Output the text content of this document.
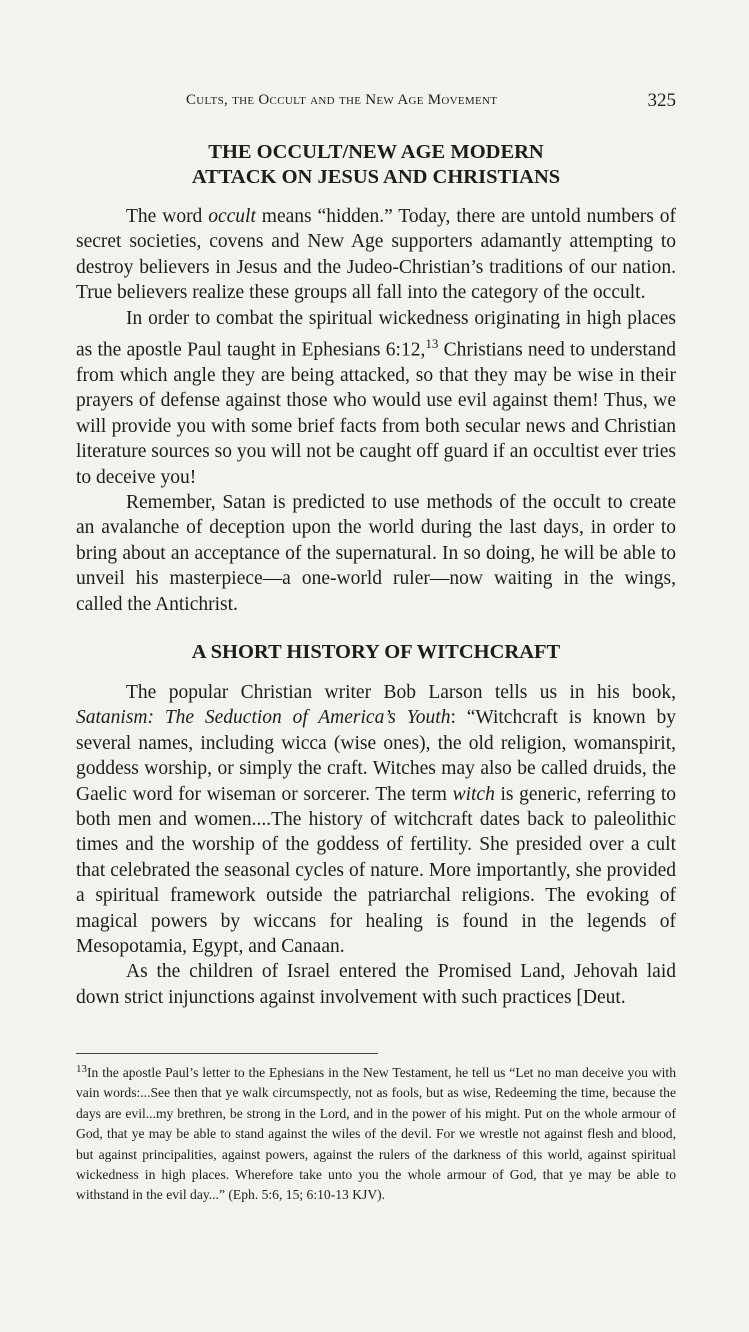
Cults, the Occult and the New Age Movement	325
THE OCCULT/NEW AGE MODERN
ATTACK ON JESUS AND CHRISTIANS

The word occult means “hidden.” Today, there are untold numbers of secret societies, covens and New Age supporters adamantly attempting to destroy believers in Jesus and the Judeo-Christian’s traditions of our nation. True believers realize these groups all fall into the category of the occult.

In order to combat the spiritual wickedness originating in high places as the apostle Paul taught in Ephesians 6:12,13 Christians need to understand from which angle they are being attacked, so that they may be wise in their prayers of defense against those who would use evil against them! Thus, we will provide you with some brief facts from both secular news and Christian literature sources so you will not be caught off guard if an occultist ever tries to deceive you!

Remember, Satan is predicted to use methods of the occult to create an avalanche of deception upon the world during the last days, in order to bring about an acceptance of the supernatural. In so doing, he will be able to unveil his masterpiece—a one-world ruler—now waiting in the wings, called the Antichrist.

A SHORT HISTORY OF WITCHCRAFT

The popular Christian writer Bob Larson tells us in his book, Satanism: The Seduction of America’s Youth: “Witchcraft is known by several names, including wicca (wise ones), the old religion, womanspirit, goddess worship, or simply the craft. Witches may also be called druids, the Gaelic word for wiseman or sorcerer. The term witch is generic, referring to both men and women....The history of witchcraft dates back to paleolithic times and the worship of the goddess of fertility. She presided over a cult that celebrated the seasonal cycles of nature. More importantly, she provided a spiritual framework outside the patriarchal religions. The evoking of magical powers by wiccans for healing is found in the legends of Mesopotamia, Egypt, and Canaan.

As the children of Israel entered the Promised Land, Jehovah laid down strict injunctions against involvement with such practices [Deut.

$^{13}$In the apostle Paul’s letter to the Ephesians in the New Testament, he tell us “Let no man deceive you with vain words:...See then that ye walk circumspectly, not as fools, but as wise, Redeeming the time, because the days are evil...my brethren, be strong in the Lord, and in the power of his might. Put on the whole armour of God, that ye may be able to stand against the wiles of the devil. For we wrestle not against flesh and blood, but against principalities, against powers, against the rulers of the darkness of this world, against spiritual wickedness in high places. Wherefore take unto you the whole armour of God, that ye may be able to withstand in the evil day...” (Eph. 5:6, 15; 6:10-13 KJV).
